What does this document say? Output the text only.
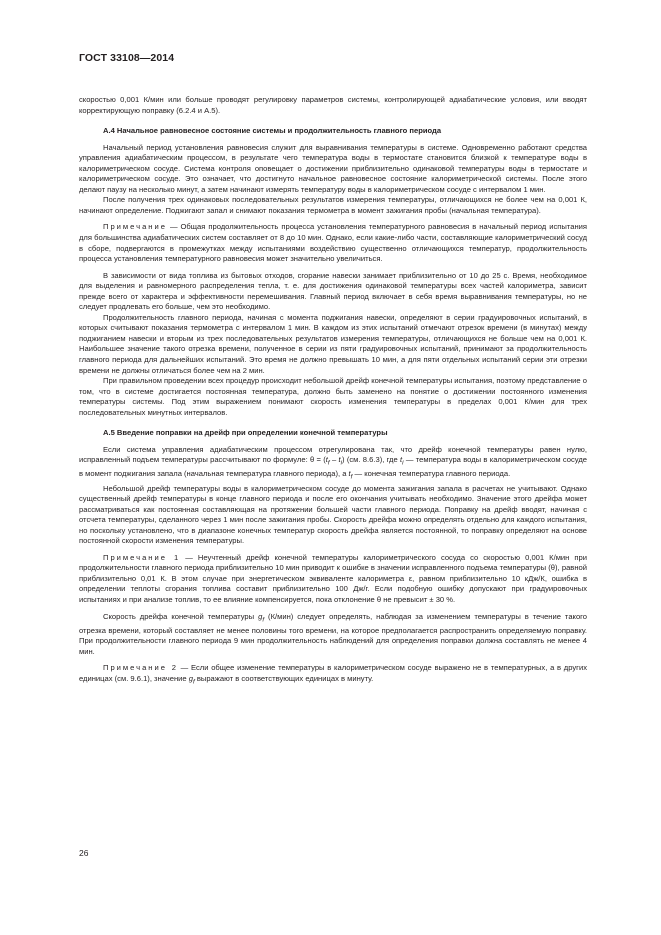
ГОСТ 33108—2014

скоростью 0,001 К/мин или больше проводят регулировку параметров системы, контролирующей адиабатические условия, или вводят корректирующую поправку (6.2.4 и А.5).

А.4 Начальное равновесное состояние системы и продолжительность главного периода

Начальный период установления равновесия служит для выравнивания температуры в системе. Одновременно работают средства управления адиабатическим процессом, в результате чего температура воды в термостате становится близкой к температуре воды в калориметрическом сосуде. Система контроля оповещает о достижении приблизительно одинаковой температуры воды в термостате и калориметрическом сосуде. Это означает, что достигнуто начальное равновесное состояние калориметрической системы. После этого делают паузу на несколько минут, а затем начинают измерять температуру воды в калориметрическом сосуде с интервалом 1 мин.

После получения трех одинаковых последовательных результатов измерения температуры, отличающихся не более чем на 0,001 К, начинают определение. Поджигают запал и снимают показания термометра в момент зажигания пробы (начальная температура).

Примечание — Общая продолжительность процесса установления температурного равновесия в начальный период испытания для большинства адиабатических систем составляет от 8 до 10 мин. Однако, если какие-либо части, составляющие калориметрический сосуд в сборе, подвергаются в промежутках между испытаниями воздействию существенно отличающихся температур, продолжительность процесса установления температурного равновесия может значительно увеличиться.

В зависимости от вида топлива из бытовых отходов, сгорание навески занимает приблизительно от 10 до 25 с. Время, необходимое для выделения и равномерного распределения тепла, т. е. для достижения одинаковой температуры всех частей калориметра, зависит прежде всего от характера и эффективности перемешивания. Главный период включает в себя время выравнивания температуры, но не следует продлевать его больше, чем это необходимо.

Продолжительность главного периода, начиная с момента поджигания навески, определяют в серии градуировочных испытаний, в которых считывают показания термометра с интервалом 1 мин. В каждом из этих испытаний отмечают отрезок времени (в минутах) между поджиганием навески и вторым из трех последовательных результатов измерения температуры, отличающихся не больше чем на 0,001 К. Наибольшее значение такого отрезка времени, полученное в серии из пяти градуировочных испытаний, принимают за продолжительность главного периода для дальнейших испытаний. Это время не должно превышать 10 мин, а для пяти отдельных испытаний серии эти отрезки времени не должны отличаться более чем на 2 мин.

При правильном проведении всех процедур происходит небольшой дрейф конечной температуры испытания, поэтому представление о том, что в системе достигается постоянная температура, должно быть заменено на понятие о достижении постоянного изменения температуры системы. Под этим выражением понимают скорость изменения температуры в пределах 0,001 К/мин для трех последовательных минутных интервалов.

А.5 Введение поправки на дрейф при определении конечной температуры

Если система управления адиабатическим процессом отрегулирована так, что дрейф конечной температуры равен нулю, исправленный подъем температуры рассчитывают по формуле: $\theta = (t_f - t_i)$ (см. 8.6.3), где $t_i$ — температура воды в калориметрическом сосуде в момент поджигания запала (начальная температура главного периода), а $t_f$ — конечная температура главного периода.

Небольшой дрейф температуры воды в калориметрическом сосуде до момента зажигания запала в расчетах не учитывают. Однако существенный дрейф температуры в конце главного периода и после его окончания учитывать необходимо. Значение этого дрейфа может рассматриваться как постоянная составляющая на протяжении большей части главного периода. Поправку на дрейф вводят, начиная с отсчета температуры, сделанного через 1 мин после зажигания пробы. Скорость дрейфа можно определять отдельно для каждого испытания, но поскольку установлено, что в диапазоне конечных температур скорость дрейфа является постоянной, то поправку определяют на основе постоянной скорости изменения температуры.

Примечание 1 — Неучтенный дрейф конечной температуры калориметрического сосуда со скоростью 0,001 К/мин при продолжительности главного периода приблизительно 10 мин приводит к ошибке в значении исправленного подъема температуры (θ), равной приблизительно 0,01 К. В этом случае при энергетическом эквиваленте калориметра ε, равном приблизительно 10 кДж/К, ошибка в определении теплоты сгорания топлива составит приблизительно 100 Дж/г. Если подобную ошибку допускают при градуировочных испытаниях и при анализе топлив, то ее влияние компенсируется, пока отклонение θ не превысит ± 30 %.

Скорость дрейфа конечной температуры $g_f$ (К/мин) следует определять, наблюдая за изменением температуры в течение такого отрезка времени, который составляет не менее половины того времени, на которое предполагается распространить определяемую поправку. При продолжительности главного периода 9 мин продолжительность наблюдений для определения поправки должна составлять не менее 4 мин.

Примечание 2 — Если общее изменение температуры в калориметрическом сосуде выражено не в температурных, а в других единицах (см. 9.6.1), значение $g_f$ выражают в соответствующих единицах в минуту.

26
